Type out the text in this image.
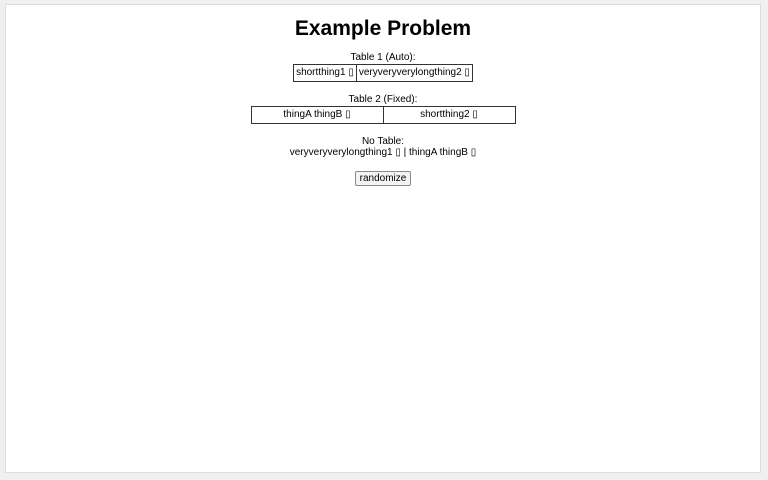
Example Problem
Table 1 (Auto):
shortthing1 ▯	veryveryverylongthing2 ▯
Table 2 (Fixed):
thingA thingB ▯	shortthing2 ▯
No Table:
veryveryverylongthing1 ▯ | thingA thingB ▯
randomize
